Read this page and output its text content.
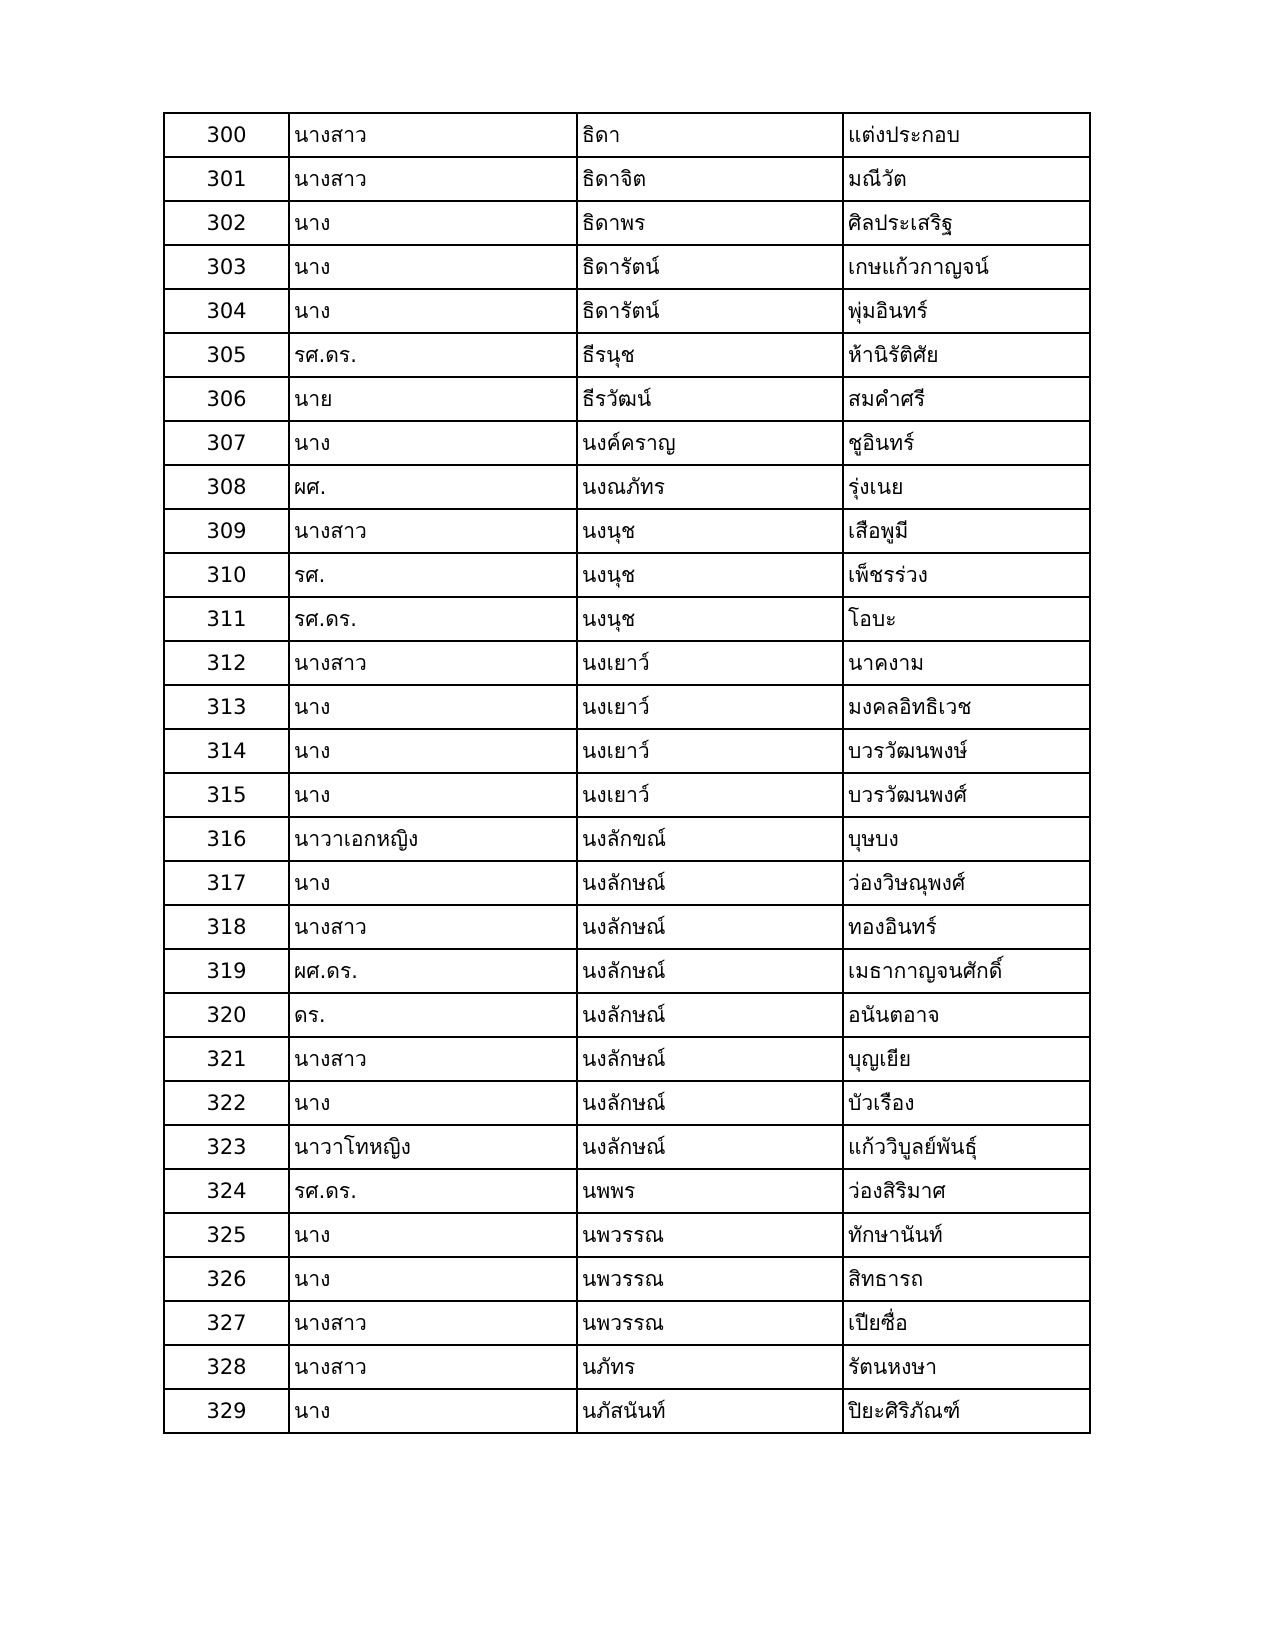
300	นางสาว	ธิดา	แต่งประกอบ
301	นางสาว	ธิดาจิต	มณีวัต
302	นาง	ธิดาพร	ศิลประเสริฐ
303	นาง	ธิดารัตน์	เกษแก้วกาญจน์
304	นาง	ธิดารัตน์	พุ่มอินทร์
305	รศ.ดร.	ธีรนุช	ห้านิรัติศัย
306	นาย	ธีรวัฒน์	สมคำศรี
307	นาง	นงค์คราญ	ชูอินทร์
308	ผศ.	นงณภัทร	รุ่งเนย
309	นางสาว	นงนุช	เสือพูมี
310	รศ.	นงนุช	เพ็ชรร่วง
311	รศ.ดร.	นงนุช	โอบะ
312	นางสาว	นงเยาว์	นาคงาม
313	นาง	นงเยาว์	มงคลอิทธิเวช
314	นาง	นงเยาว์	บวรวัฒนพงษ์
315	นาง	นงเยาว์	บวรวัฒนพงศ์
316	นาวาเอกหญิง	นงลักขณ์	บุษบง
317	นาง	นงลักษณ์	ว่องวิษณุพงศ์
318	นางสาว	นงลักษณ์	ทองอินทร์
319	ผศ.ดร.	นงลักษณ์	เมธากาญจนศักดิ์
320	ดร.	นงลักษณ์	อนันตอาจ
321	นางสาว	นงลักษณ์	บุญเยีย
322	นาง	นงลักษณ์	บัวเรือง
323	นาวาโทหญิง	นงลักษณ์	แก้ววิบูลย์พันธุ์
324	รศ.ดร.	นพพร	ว่องสิริมาศ
325	นาง	นพวรรณ	ทักษานันท์
326	นาง	นพวรรณ	สิทธารถ
327	นางสาว	นพวรรณ	เปียซื่อ
328	นางสาว	นภัทร	รัตนหงษา
329	นาง	นภัสนันท์	ปิยะศิริภัณฑ์
